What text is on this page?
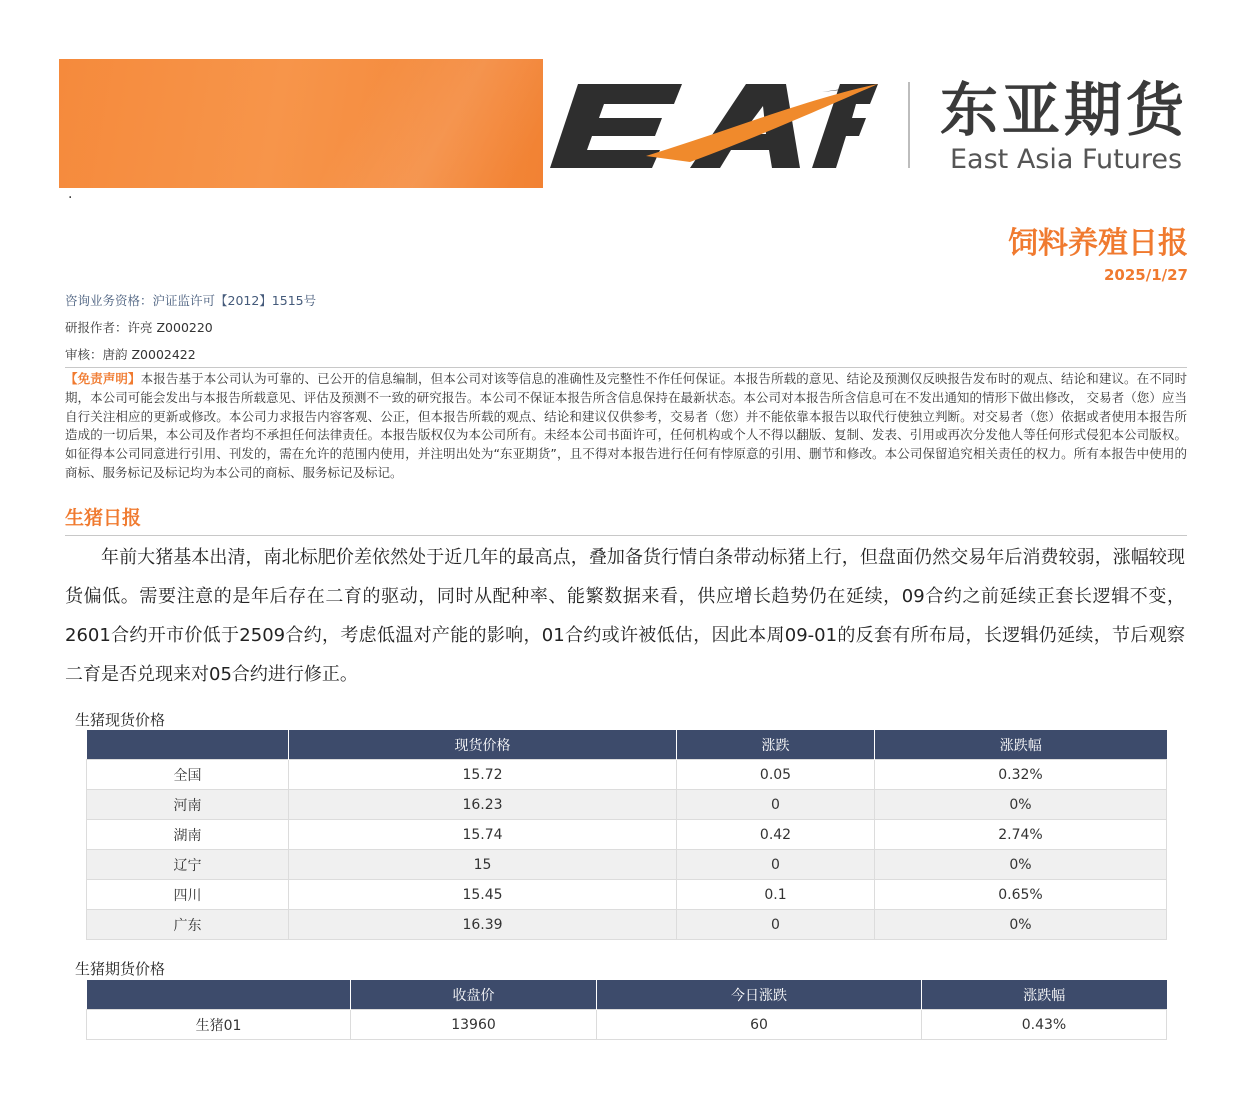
东亚期货
East Asia Futures
EAF
·
饲料养殖日报
2025/1/27
咨询业务资格：沪证监许可【2012】1515号
研报作者：许亮 Z000220
审核：唐韵 Z0002422
【免责声明】本报告基于本公司认为可靠的、已公开的信息编制，但本公司对该等信息的准确性及完整性不作任何保证。本报告所载的意见、结论及预测仅反映报告发布时的观点、结论和建议。在不同时期，本公司可能会发出与本报告所载意见、评估及预测不一致的研究报告。本公司不保证本报告所含信息保持在最新状态。本公司对本报告所含信息可在不发出通知的情形下做出修改， 交易者（您）应当自行关注相应的更新或修改。本公司力求报告内容客观、公正，但本报告所载的观点、结论和建议仅供参考，交易者（您）并不能依靠本报告以取代行使独立判断。对交易者（您）依据或者使用本报告所造成的一切后果，本公司及作者均不承担任何法律责任。本报告版权仅为本公司所有。未经本公司书面许可，任何机构或个人不得以翻版、复制、发表、引用或再次分发他人等任何形式侵犯本公司版权。如征得本公司同意进行引用、刊发的，需在允许的范围内使用，并注明出处为“东亚期货”，且不得对本报告进行任何有悖原意的引用、删节和修改。本公司保留追究相关责任的权力。所有本报告中使用的商标、服务标记及标记均为本公司的商标、服务标记及标记。
生猪日报
年前大猪基本出清，南北标肥价差依然处于近几年的最高点，叠加备货行情白条带动标猪上行，但盘面仍然交易年后消费较弱，涨幅较现货偏低。需要注意的是年后存在二育的驱动，同时从配种率、能繁数据来看，供应增长趋势仍在延续，09合约之前延续正套长逻辑不变，2601合约开市价低于2509合约，考虑低温对产能的影响，01合约或许被低估，因此本周09-01的反套有所布局，长逻辑仍延续，节后观察二育是否兑现来对05合约进行修正。
生猪现货价格
	现货价格	涨跌	涨跌幅
全国	15.72	0.05	0.32%
河南	16.23	0	0%
湖南	15.74	0.42	2.74%
辽宁	15	0	0%
四川	15.45	0.1	0.65%
广东	16.39	0	0%
生猪期货价格
	收盘价	今日涨跌	涨跌幅
生猪01	13960	60	0.43%
